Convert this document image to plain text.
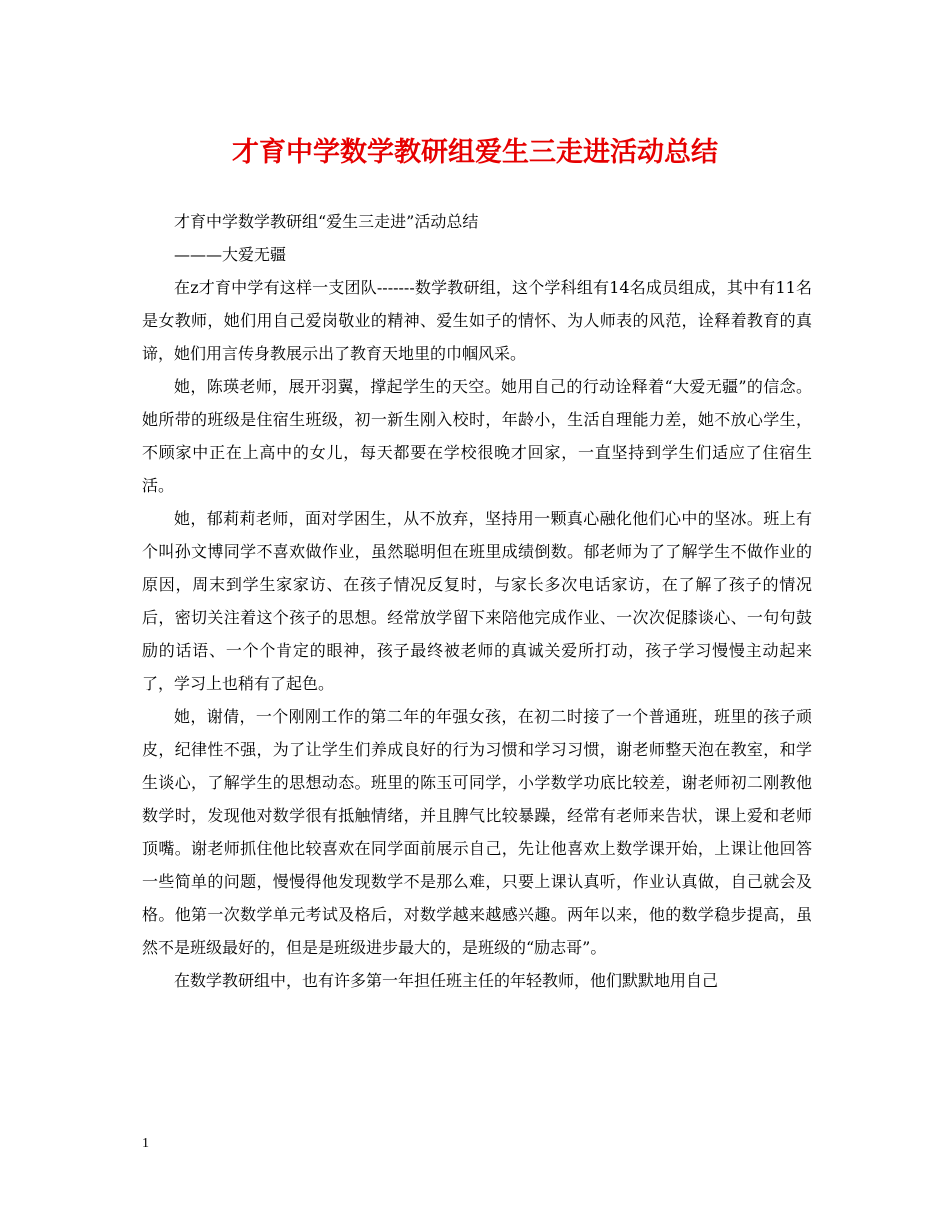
才育中学数学教研组爱生三走进活动总结

才育中学数学教研组“爱生三走进”活动总结

———大爱无疆

在z才育中学有这样一支团队-------数学教研组，这个学科组有14名成员组成，其中有11名是女教师，她们用自己爱岗敬业的精神、爱生如子的情怀、为人师表的风范，诠释着教育的真谛，她们用言传身教展示出了教育天地里的巾帼风采。

她，陈瑛老师，展开羽翼，撑起学生的天空。她用自己的行动诠释着“大爱无疆”的信念。她所带的班级是住宿生班级，初一新生刚入校时，年龄小，生活自理能力差，她不放心学生，不顾家中正在上高中的女儿，每天都要在学校很晚才回家，一直坚持到学生们适应了住宿生活。

她，郁莉莉老师，面对学困生，从不放弃，坚持用一颗真心融化他们心中的坚冰。班上有个叫孙文博同学不喜欢做作业，虽然聪明但在班里成绩倒数。郁老师为了了解学生不做作业的原因，周末到学生家家访、在孩子情况反复时，与家长多次电话家访，在了解了孩子的情况后，密切关注着这个孩子的思想。经常放学留下来陪他完成作业、一次次促膝谈心、一句句鼓励的话语、一个个肯定的眼神，孩子最终被老师的真诚关爱所打动，孩子学习慢慢主动起来了，学习上也稍有了起色。

她，谢倩，一个刚刚工作的第二年的年强女孩，在初二时接了一个普通班，班里的孩子顽皮，纪律性不强，为了让学生们养成良好的行为习惯和学习习惯，谢老师整天泡在教室，和学生谈心，了解学生的思想动态。班里的陈玉可同学，小学数学功底比较差，谢老师初二刚教他数学时，发现他对数学很有抵触情绪，并且脾气比较暴躁，经常有老师来告状，课上爱和老师顶嘴。谢老师抓住他比较喜欢在同学面前展示自己，先让他喜欢上数学课开始，上课让他回答一些简单的问题，慢慢得他发现数学不是那么难，只要上课认真听，作业认真做，自己就会及格。他第一次数学单元考试及格后，对数学越来越感兴趣。两年以来，他的数学稳步提高，虽然不是班级最好的，但是是班级进步最大的，是班级的“励志哥”。

在数学教研组中，也有许多第一年担任班主任的年轻教师，他们默默地用自己

1
